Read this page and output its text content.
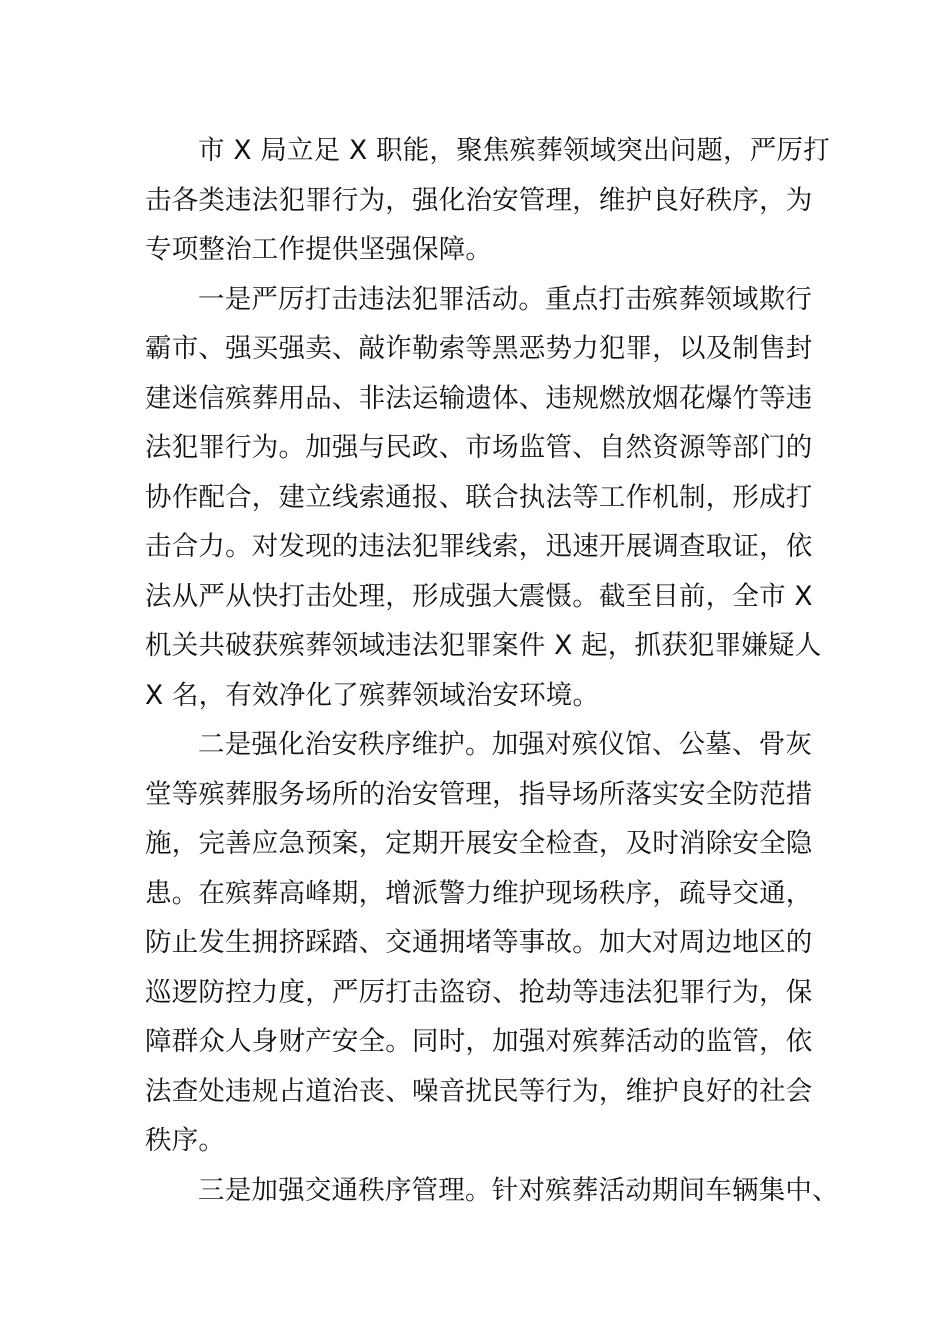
市 X 局立足 X 职能，聚焦殡葬领域突出问题，严厉打
击各类违法犯罪行为，强化治安管理，维护良好秩序，为
专项整治工作提供坚强保障。
一是严厉打击违法犯罪活动。重点打击殡葬领域欺行
霸市、强买强卖、敲诈勒索等黑恶势力犯罪，以及制售封
建迷信殡葬用品、非法运输遗体、违规燃放烟花爆竹等违
法犯罪行为。加强与民政、市场监管、自然资源等部门的
协作配合，建立线索通报、联合执法等工作机制，形成打
击合力。对发现的违法犯罪线索，迅速开展调查取证，依
法从严从快打击处理，形成强大震慑。截至目前，全市 X
机关共破获殡葬领域违法犯罪案件 X 起，抓获犯罪嫌疑人
X 名，有效净化了殡葬领域治安环境。
二是强化治安秩序维护。加强对殡仪馆、公墓、骨灰
堂等殡葬服务场所的治安管理，指导场所落实安全防范措
施，完善应急预案，定期开展安全检查，及时消除安全隐
患。在殡葬高峰期，增派警力维护现场秩序，疏导交通，
防止发生拥挤踩踏、交通拥堵等事故。加大对周边地区的
巡逻防控力度，严厉打击盗窃、抢劫等违法犯罪行为，保
障群众人身财产安全。同时，加强对殡葬活动的监管，依
法查处违规占道治丧、噪音扰民等行为，维护良好的社会
秩序。
三是加强交通秩序管理。针对殡葬活动期间车辆集中、
